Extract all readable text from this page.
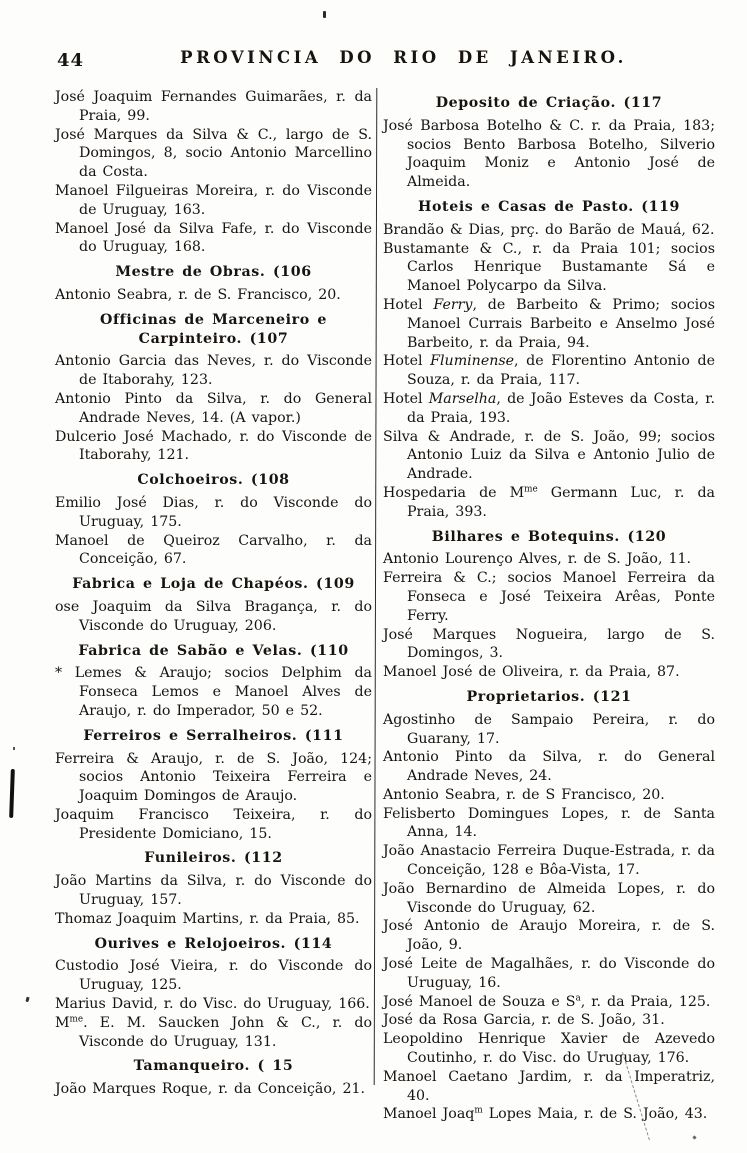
44	PROVINCIA DO RIO DE JANEIRO.

José Joaquim Fernandes Guimarães, r. da Praia, 99.

José Marques da Silva & C., largo de S. Domingos, 8, socio Antonio Marcellino da Costa.

Manoel Filgueiras Moreira, r. do Visconde de Uruguay, 163.

Manoel José da Silva Fafe, r. do Visconde do Uruguay, 168.

Mestre de Obras. (106

Antonio Seabra, r. de S. Francisco, 20.

Officinas de Marceneiro e Carpinteiro. (107

Antonio Garcia das Neves, r. do Visconde de Itaborahy, 123.

Antonio Pinto da Silva, r. do General Andrade Neves, 14. (A vapor.)

Dulcerio José Machado, r. do Visconde de Itaborahy, 121.

Colchoeiros. (108

Emilio José Dias, r. do Visconde do Uruguay, 175.

Manoel de Queiroz Carvalho, r. da Conceição, 67.

Fabrica e Loja de Chapéos. (109

ose Joaquim da Silva Bragança, r. do Visconde do Uruguay, 206.

Fabrica de Sabão e Velas. (110

* Lemes & Araujo; socios Delphim da Fonseca Lemos e Manoel Alves de Araujo, r. do Imperador, 50 e 52.

Ferreiros e Serralheiros. (111

Ferreira & Araujo, r. de S. João, 124; socios Antonio Teixeira Ferreira e Joaquim Domingos de Araujo.

Joaquim Francisco Teixeira, r. do Presidente Domiciano, 15.

Funileiros. (112

João Martins da Silva, r. do Visconde do Uruguay, 157.

Thomaz Joaquim Martins, r. da Praia, 85.

Ourives e Relojoeiros. (114

Custodio José Vieira, r. do Visconde do Uruguay, 125.

Marius David, r. do Visc. do Uruguay, 166.

$M^{me}$. E. M. Saucken John & C., r. do Visconde do Uruguay, 131.

Tamanqueiro. ( 15

João Marques Roque, r. da Conceição, 21.

Deposito de Criação. (117

José Barbosa Botelho & C. r. da Praia, 183; socios Bento Barbosa Botelho, Silverio Joaquim Moniz e Antonio José de Almeida.

Hoteis e Casas de Pasto. (119

Brandão & Dias, prç. do Barão de Mauá, 62.

Bustamante & C., r. da Praia 101; socios Carlos Henrique Bustamante Sá e Manoel Polycarpo da Silva.

Hotel Ferry, de Barbeito & Primo; socios Manoel Currais Barbeito e Anselmo José Barbeito, r. da Praia, 94.

Hotel Fluminense, de Florentino Antonio de Souza, r. da Praia, 117.

Hotel Marselha, de João Esteves da Costa, r. da Praia, 193.

Silva & Andrade, r. de S. João, 99; socios Antonio Luiz da Silva e Antonio Julio de Andrade.

Hospedaria de $M^{me}$ Germann Luc, r. da Praia, 393.

Bilhares e Botequins. (120

Antonio Lourenço Alves, r. de S. João, 11.

Ferreira & C.; socios Manoel Ferreira da Fonseca e José Teixeira Arêas, Ponte Ferry.

José Marques Nogueira, largo de S. Domingos, 3.

Manoel José de Oliveira, r. da Praia, 87.

Proprietarios. (121

Agostinho de Sampaio Pereira, r. do Guarany, 17.

Antonio Pinto da Silva, r. do General Andrade Neves, 24.

Antonio Seabra, r. de S Francisco, 20.

Felisberto Domingues Lopes, r. de Santa Anna, 14.

João Anastacio Ferreira Duque-Estrada, r. da Conceição, 128 e Bôa-Vista, 17.

João Bernardino de Almeida Lopes, r. do Visconde do Uruguay, 62.

José Antonio de Araujo Moreira, r. de S. João, 9.

José Leite de Magalhães, r. do Visconde do Uruguay, 16.

José Manoel de Souza e $S^a$, r. da Praia, 125.

José da Rosa Garcia, r. de S. João, 31.

Leopoldino Henrique Xavier de Azevedo Coutinho, r. do Visc. do Uruguay, 176.

Manoel Caetano Jardim, r. da Imperatriz, 40.

Manoel Joaq$^m$ Lopes Maia, r. de S. João, 43.
